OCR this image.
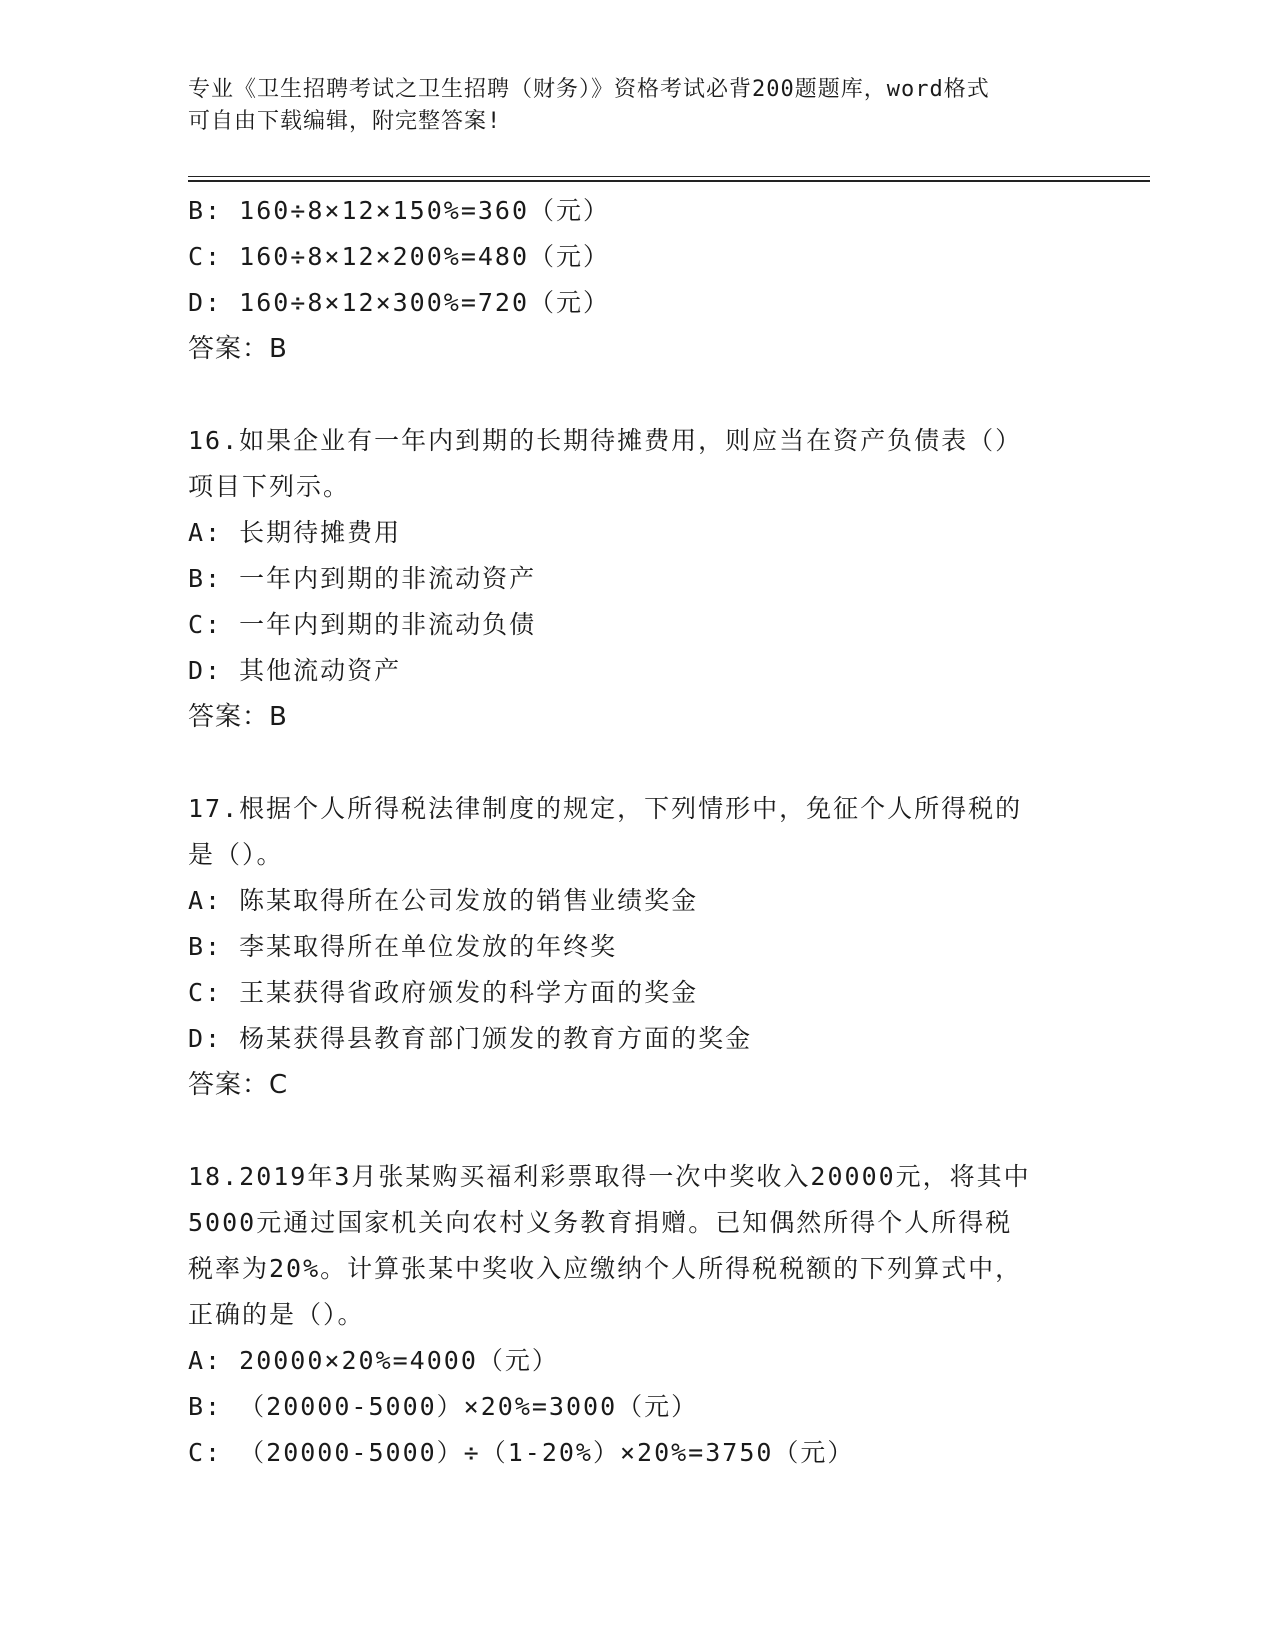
专业《卫生招聘考试之卫生招聘（财务）》资格考试必背200题题库，word格式
可自由下载编辑，附完整答案!
B: 160÷8×12×150%=360（元）
C: 160÷8×12×200%=480（元）
D: 160÷8×12×300%=720（元）
答案：B
16.如果企业有一年内到期的长期待摊费用，则应当在资产负债表（）
项目下列示。
A: 长期待摊费用
B: 一年内到期的非流动资产
C: 一年内到期的非流动负债
D: 其他流动资产
答案：B
17.根据个人所得税法律制度的规定，下列情形中，免征个人所得税的
是（）。
A: 陈某取得所在公司发放的销售业绩奖金
B: 李某取得所在单位发放的年终奖
C: 王某获得省政府颁发的科学方面的奖金
D: 杨某获得县教育部门颁发的教育方面的奖金
答案：C
18.2019年3月张某购买福利彩票取得一次中奖收入20000元，将其中
5000元通过国家机关向农村义务教育捐赠。已知偶然所得个人所得税
税率为20%。计算张某中奖收入应缴纳个人所得税税额的下列算式中，
正确的是（）。
A: 20000×20%=4000（元）
B: （20000-5000）×20%=3000（元）
C: （20000-5000）÷（1-20%）×20%=3750（元）
